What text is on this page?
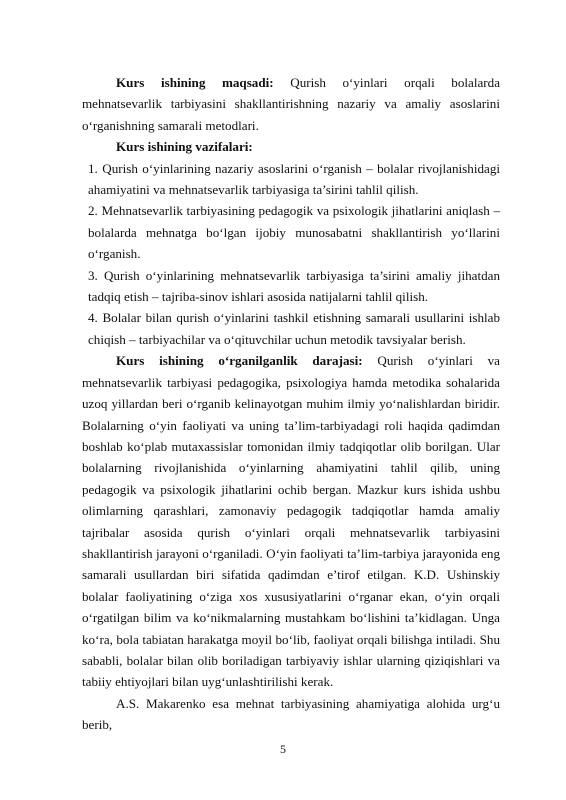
Kurs ishining maqsadi: Qurish o‘yinlari orqali bolalarda mehnatsevarlik tarbiyasini shakllantirishning nazariy va amaliy asoslarini o‘rganishning samarali metodlari.

Kurs ishining vazifalari:

1. Qurish o‘yinlarining nazariy asoslarini o‘rganish – bolalar rivojlanishidagi ahamiyatini va mehnatsevarlik tarbiyasiga ta’sirini tahlil qilish.

2. Mehnatsevarlik tarbiyasining pedagogik va psixologik jihatlarini aniqlash – bolalarda mehnatga bo‘lgan ijobiy munosabatni shakllantirish yo‘llarini o‘rganish.

3. Qurish o‘yinlarining mehnatsevarlik tarbiyasiga ta’sirini amaliy jihatdan tadqiq etish – tajriba-sinov ishlari asosida natijalarni tahlil qilish.

4. Bolalar bilan qurish o‘yinlarini tashkil etishning samarali usullarini ishlab chiqish – tarbiyachilar va o‘qituvchilar uchun metodik tavsiyalar berish.

Kurs ishining o‘rganilganlik darajasi: Qurish o‘yinlari va mehnatsevarlik tarbiyasi pedagogika, psixologiya hamda metodika sohalarida uzoq yillardan beri o‘rganib kelinayotgan muhim ilmiy yo‘nalishlardan biridir. Bolalarning o‘yin faoliyati va uning ta’lim-tarbiyadagi roli haqida qadimdan boshlab ko‘plab mutaxassislar tomonidan ilmiy tadqiqotlar olib borilgan. Ular bolalarning rivojlanishida o‘yinlarning ahamiyatini tahlil qilib, uning pedagogik va psixologik jihatlarini ochib bergan. Mazkur kurs ishida ushbu olimlarning qarashlari, zamonaviy pedagogik tadqiqotlar hamda amaliy tajribalar asosida qurish o‘yinlari orqali mehnatsevarlik tarbiyasini shakllantirish jarayoni o‘rganiladi. O‘yin faoliyati ta’lim-tarbiya jarayonida eng samarali usullardan biri sifatida qadimdan e’tirof etilgan. K.D. Ushinskiy bolalar faoliyatining o‘ziga xos xususiyatlarini o‘rganar ekan, o‘yin orqali o‘rgatilgan bilim va ko‘nikmalarning mustahkam bo‘lishini ta’kidlagan. Unga ko‘ra, bola tabiatan harakatga moyil bo‘lib, faoliyat orqali bilishga intiladi. Shu sababli, bolalar bilan olib boriladigan tarbiyaviy ishlar ularning qiziqishlari va tabiiy ehtiyojlari bilan uyg‘unlashtirilishi kerak.

A.S. Makarenko esa mehnat tarbiyasining ahamiyatiga alohida urg‘u berib,

5
